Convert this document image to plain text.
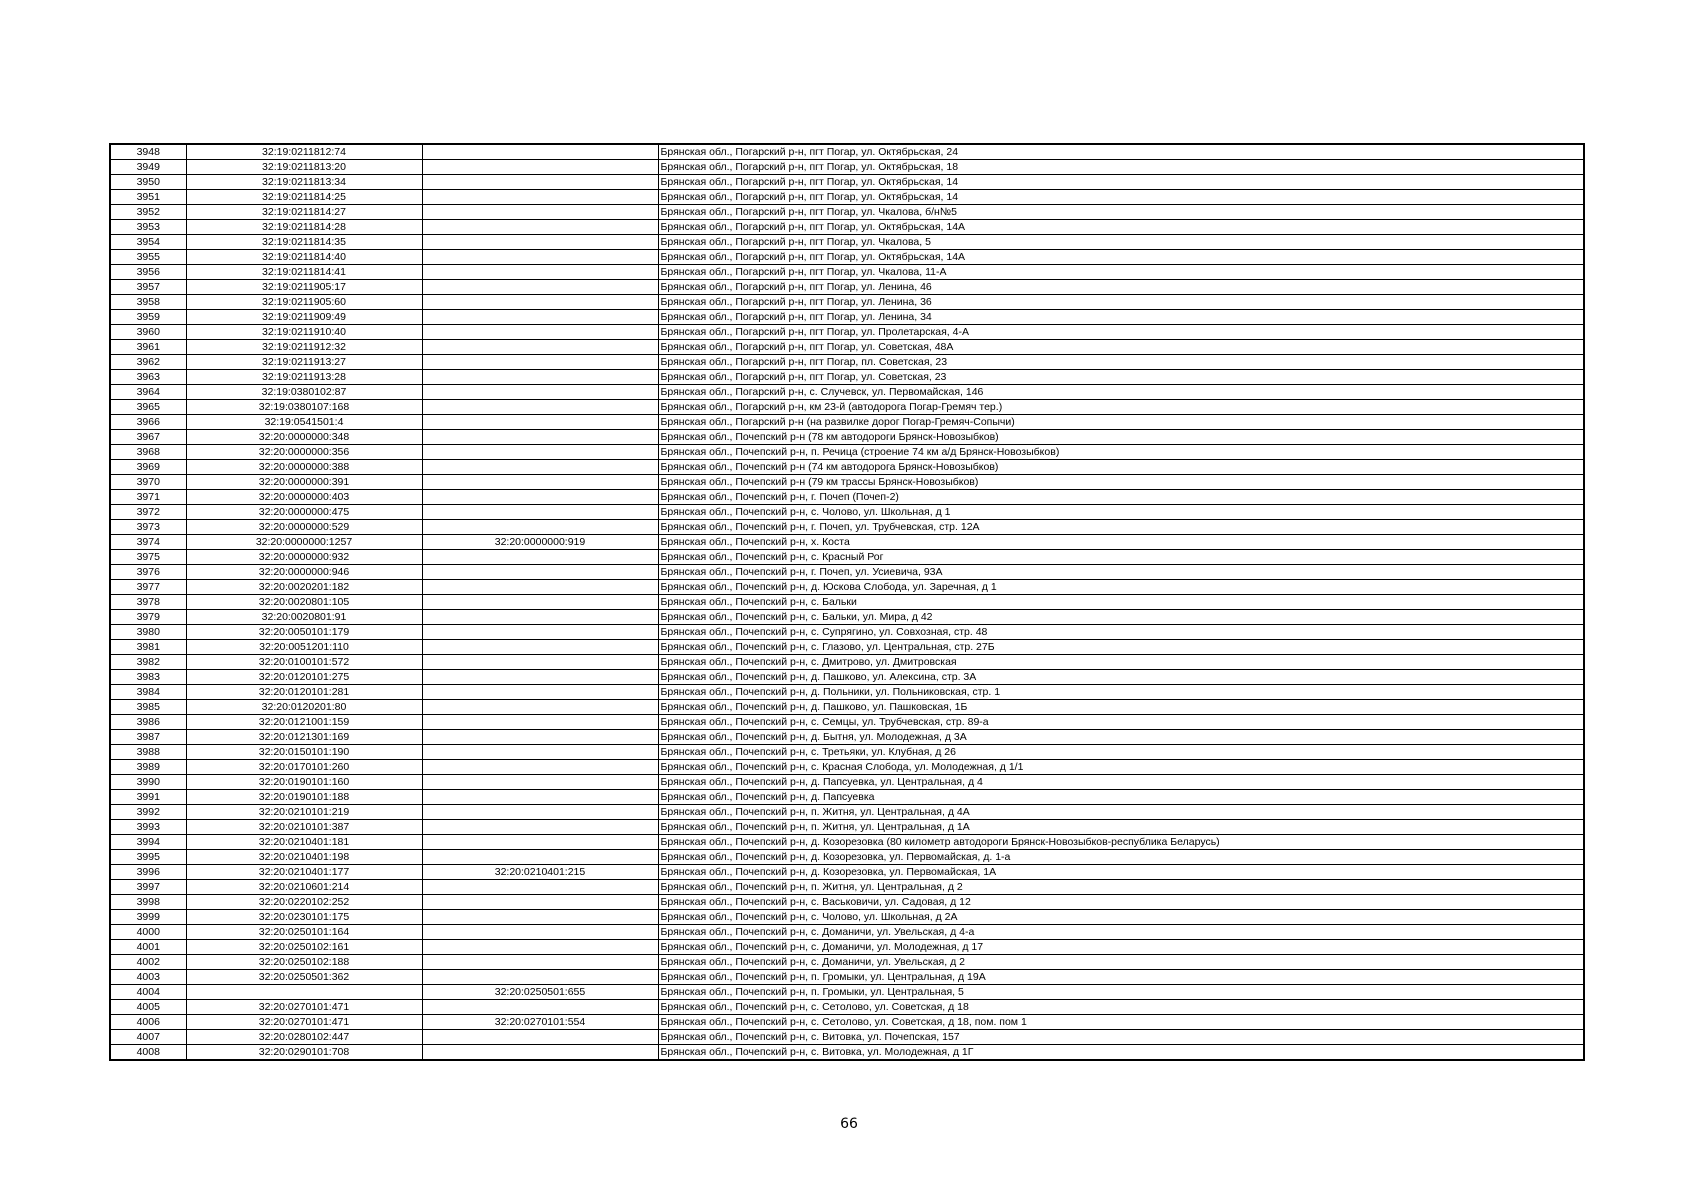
3948	32:19:0211812:74		Брянская обл., Погарский р-н, пгт Погар, ул. Октябрьская, 24
3949	32:19:0211813:20		Брянская обл., Погарский р-н, пгт Погар, ул. Октябрьская, 18
3950	32:19:0211813:34		Брянская обл., Погарский р-н, пгт Погар, ул. Октябрьская, 14
3951	32:19:0211814:25		Брянская обл., Погарский р-н, пгт Погар, ул. Октябрьская, 14
3952	32:19:0211814:27		Брянская обл., Погарский р-н, пгт Погар, ул. Чкалова, б/н№5
3953	32:19:0211814:28		Брянская обл., Погарский р-н, пгт Погар, ул. Октябрьская, 14А
3954	32:19:0211814:35		Брянская обл., Погарский р-н, пгт Погар, ул. Чкалова, 5
3955	32:19:0211814:40		Брянская обл., Погарский р-н, пгт Погар, ул. Октябрьская, 14А
3956	32:19:0211814:41		Брянская обл., Погарский р-н, пгт Погар, ул. Чкалова, 11-А
3957	32:19:0211905:17		Брянская обл., Погарский р-н, пгт Погар, ул. Ленина, 46
3958	32:19:0211905:60		Брянская обл., Погарский р-н, пгт Погар, ул. Ленина, 36
3959	32:19:0211909:49		Брянская обл., Погарский р-н, пгт Погар, ул. Ленина, 34
3960	32:19:0211910:40		Брянская обл., Погарский р-н, пгт Погар, ул. Пролетарская, 4-А
3961	32:19:0211912:32		Брянская обл., Погарский р-н, пгт Погар, ул. Советская, 48А
3962	32:19:0211913:27		Брянская обл., Погарский р-н, пгт Погар, пл. Советская, 23
3963	32:19:0211913:28		Брянская обл., Погарский р-н, пгт Погар, ул. Советская, 23
3964	32:19:0380102:87		Брянская обл., Погарский р-н, с. Случевск, ул. Первомайская, 146
3965	32:19:0380107:168		Брянская обл., Погарский р-н, км 23-й (автодорога Погар-Гремяч тер.)
3966	32:19:0541501:4		Брянская обл., Погарский р-н (на развилке дорог Погар-Гремяч-Сопычи)
3967	32:20:0000000:348		Брянская обл., Почепский р-н (78 км автодороги Брянск-Новозыбков)
3968	32:20:0000000:356		Брянская обл., Почепский р-н, п. Речица (строение 74 км а/д Брянск-Новозыбков)
3969	32:20:0000000:388		Брянская обл., Почепский р-н (74 км автодорога Брянск-Новозыбков)
3970	32:20:0000000:391		Брянская обл., Почепский р-н (79 км трассы Брянск-Новозыбков)
3971	32:20:0000000:403		Брянская обл., Почепский р-н, г. Почеп (Почеп-2)
3972	32:20:0000000:475		Брянская обл., Почепский р-н, с. Чолово, ул. Школьная, д 1
3973	32:20:0000000:529		Брянская обл., Почепский р-н, г. Почеп, ул. Трубчевская, стр. 12А
3974	32:20:0000000:1257	32:20:0000000:919	Брянская обл., Почепский р-н, х. Коста
3975	32:20:0000000:932		Брянская обл., Почепский р-н, с. Красный Рог
3976	32:20:0000000:946		Брянская обл., Почепский р-н, г. Почеп, ул. Усиевича, 93А
3977	32:20:0020201:182		Брянская обл., Почепский р-н, д. Юскова Слобода, ул. Заречная, д 1
3978	32:20:0020801:105		Брянская обл., Почепский р-н, с. Бальки
3979	32:20:0020801:91		Брянская обл., Почепский р-н, с. Бальки, ул. Мира, д 42
3980	32:20:0050101:179		Брянская обл., Почепский р-н, с. Супрягино, ул. Совхозная, стр. 48
3981	32:20:0051201:110		Брянская обл., Почепский р-н, с. Глазово, ул. Центральная, стр. 27Б
3982	32:20:0100101:572		Брянская обл., Почепский р-н, с. Дмитрово, ул. Дмитровская
3983	32:20:0120101:275		Брянская обл., Почепский р-н, д. Пашково, ул. Алексина, стр. 3А
3984	32:20:0120101:281		Брянская обл., Почепский р-н, д. Польники, ул. Польниковская, стр. 1
3985	32:20:0120201:80		Брянская обл., Почепский р-н, д. Пашково, ул. Пашковская, 1Б
3986	32:20:0121001:159		Брянская обл., Почепский р-н, с. Семцы, ул. Трубчевская, стр. 89-а
3987	32:20:0121301:169		Брянская обл., Почепский р-н, д. Бытня, ул. Молодежная, д 3А
3988	32:20:0150101:190		Брянская обл., Почепский р-н, с. Третьяки, ул. Клубная, д 26
3989	32:20:0170101:260		Брянская обл., Почепский р-н, с. Красная Слобода, ул. Молодежная, д 1/1
3990	32:20:0190101:160		Брянская обл., Почепский р-н, д. Папсуевка, ул. Центральная, д 4
3991	32:20:0190101:188		Брянская обл., Почепский р-н, д. Папсуевка
3992	32:20:0210101:219		Брянская обл., Почепский р-н, п. Житня, ул. Центральная, д 4А
3993	32:20:0210101:387		Брянская обл., Почепский р-н, п. Житня, ул. Центральная, д 1А
3994	32:20:0210401:181		Брянская обл., Почепский р-н, д. Козорезовка (80 километр автодороги Брянск-Новозыбков-республика Беларусь)
3995	32:20:0210401:198		Брянская обл., Почепский р-н, д. Козорезовка, ул. Первомайская, д. 1-а
3996	32:20:0210401:177	32:20:0210401:215	Брянская обл., Почепский р-н, д. Козорезовка, ул. Первомайская, 1А
3997	32:20:0210601:214		Брянская обл., Почепский р-н, п. Житня, ул. Центральная, д 2
3998	32:20:0220102:252		Брянская обл., Почепский р-н, с. Васьковичи, ул. Садовая, д 12
3999	32:20:0230101:175		Брянская обл., Почепский р-н, с. Чолово, ул. Школьная, д 2А
4000	32:20:0250101:164		Брянская обл., Почепский р-н, с. Доманичи, ул. Увельская, д 4-а
4001	32:20:0250102:161		Брянская обл., Почепский р-н, с. Доманичи, ул. Молодежная, д 17
4002	32:20:0250102:188		Брянская обл., Почепский р-н, с. Доманичи, ул. Увельская, д 2
4003	32:20:0250501:362		Брянская обл., Почепский р-н, п. Громыки, ул. Центральная, д 19А
4004		32:20:0250501:655	Брянская обл., Почепский р-н, п. Громыки, ул. Центральная, 5
4005	32:20:0270101:471		Брянская обл., Почепский р-н, с. Сетолово, ул. Советская, д 18
4006	32:20:0270101:471	32:20:0270101:554	Брянская обл., Почепский р-н, с. Сетолово, ул. Советская, д 18, пом. пом 1
4007	32:20:0280102:447		Брянская обл., Почепский р-н, с. Витовка, ул. Почепская, 157
4008	32:20:0290101:708		Брянская обл., Почепский р-н, с. Витовка, ул. Молодежная, д 1Г
66
